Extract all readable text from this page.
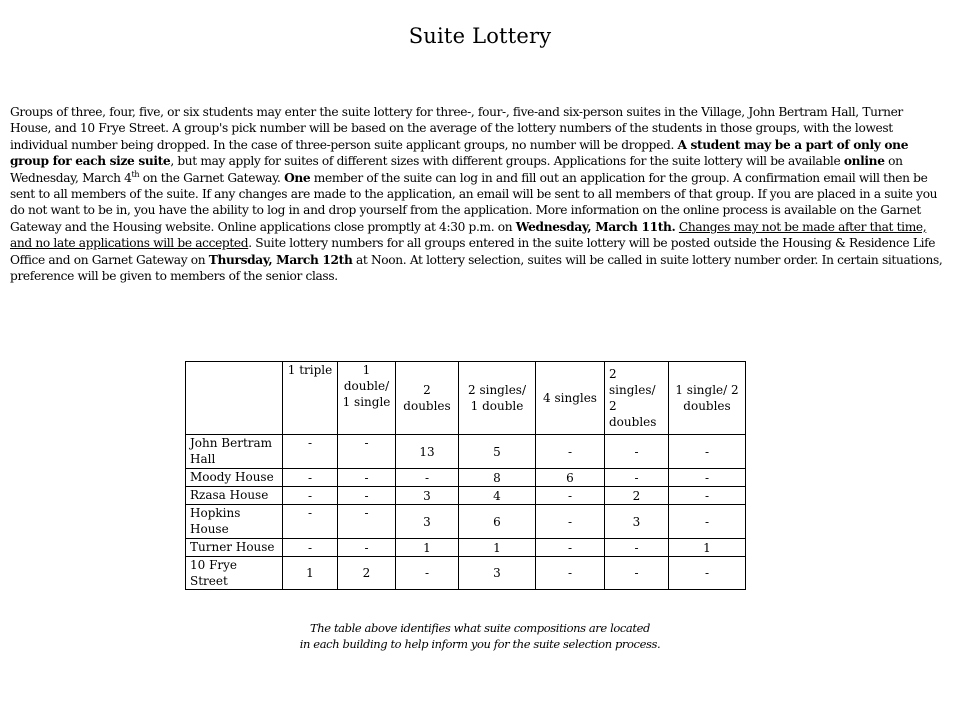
Suite Lottery

Groups of three, four, five, or six students may enter the suite lottery for three-, four-, five-and six-person suites in the Village, John Bertram Hall, Turner House, and 10 Frye Street. A group's pick number will be based on the average of the lottery numbers of the students in those groups, with the lowest individual number being dropped. In the case of three-person suite applicant groups, no number will be dropped. A student may be a part of only one group for each size suite, but may apply for suites of different sizes with different groups. Applications for the suite lottery will be available online on Wednesday, March 4th on the Garnet Gateway. One member of the suite can log in and fill out an application for the group. A confirmation email will then be sent to all members of the suite. If any changes are made to the application, an email will be sent to all members of that group. If you are placed in a suite you do not want to be in, you have the ability to log in and drop yourself from the application. More information on the online process is available on the Garnet Gateway and the Housing website. Online applications close promptly at 4:30 p.m. on Wednesday, March 11th. Changes may not be made after that time, and no late applications will be accepted. Suite lottery numbers for all groups entered in the suite lottery will be posted outside the Housing & Residence Life Office and on Garnet Gateway on Thursday, March 12th at Noon. At lottery selection, suites will be called in suite lottery number order. In certain situations, preference will be given to members of the senior class.

	1 triple	1 double/ 1 single	2 doubles	2 singles/ 1 double	4 singles	2 singles/ 2 doubles	1 single/ 2 doubles
John Bertram Hall	-	-	13	5	-	-	-
Moody House	-	-	-	8	6	-	-
Rzasa House	-	-	3	4	-	2	-
Hopkins House	-	-	3	6	-	3	-
Turner House	-	-	1	1	-	-	1
10 Frye Street	1	2	-	3	-	-	-
The table above identifies what suite compositions are located
in each building to help inform you for the suite selection process.
